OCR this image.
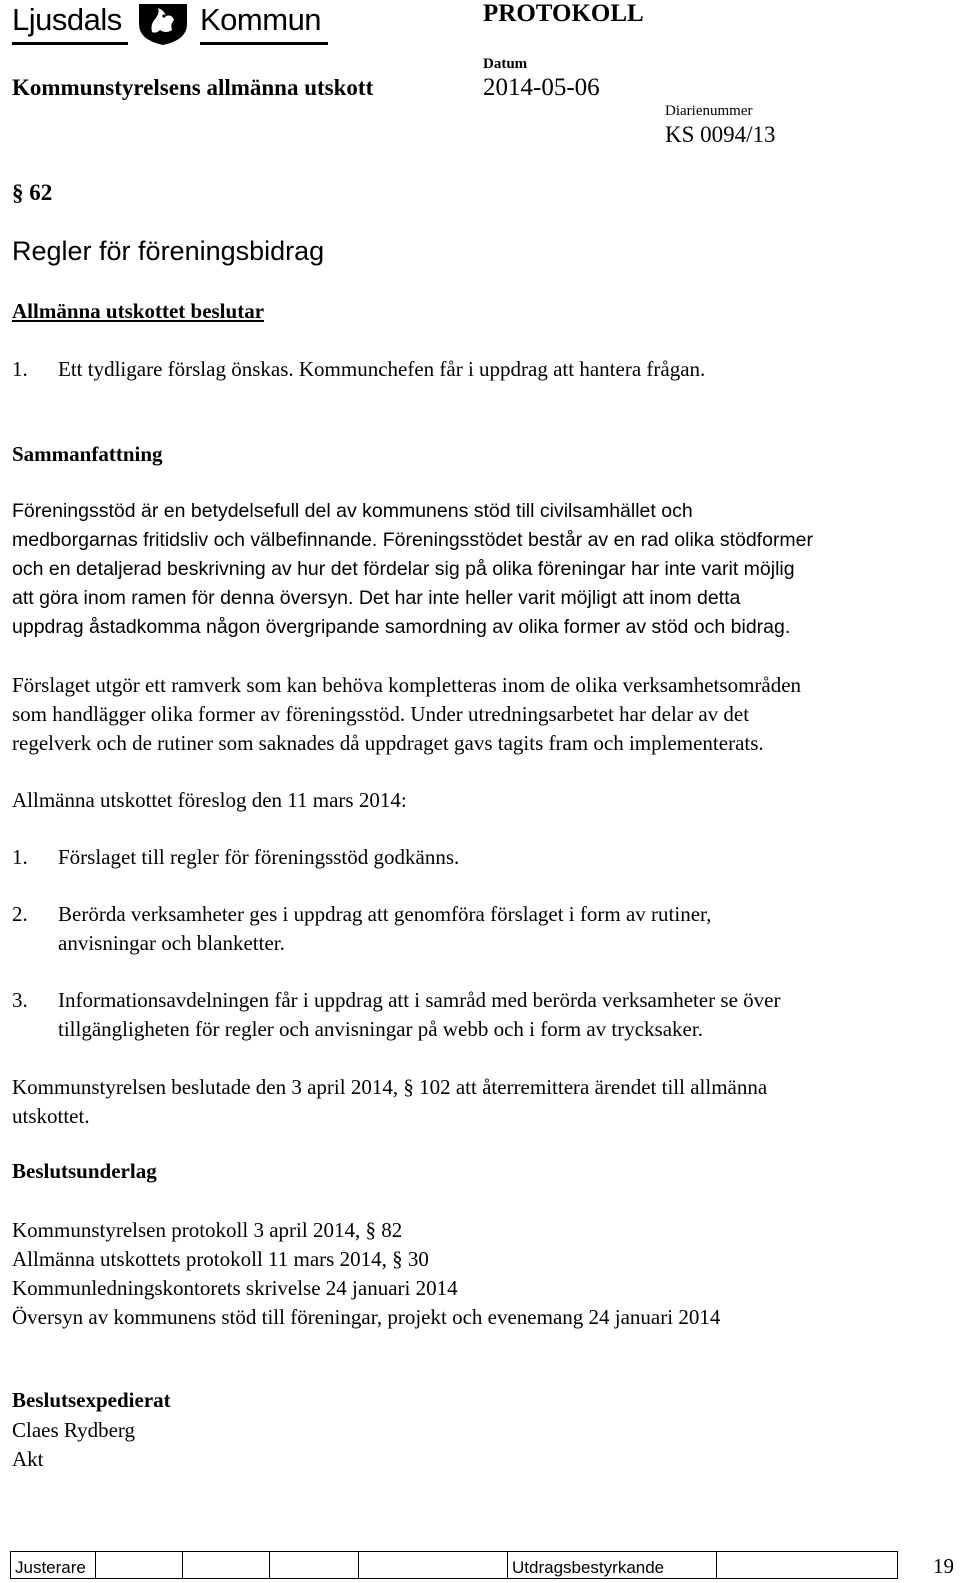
Ljusdals	Kommun	PROTOKOLL
Kommunstyrelsens allmänna utskott
Datum
2014-05-06
Diarienummer
KS 0094/13
§ 62
Regler för föreningsbidrag
Allmänna utskottet beslutar
1. Ett tydligare förslag önskas. Kommunchefen får i uppdrag att hantera frågan.
Sammanfattning
Föreningsstöd är en betydelsefull del av kommunens stöd till civilsamhället och
medborgarnas fritidsliv och välbefinnande. Föreningsstödet består av en rad olika stödformer
och en detaljerad beskrivning av hur det fördelar sig på olika föreningar har inte varit möjlig
att göra inom ramen för denna översyn. Det har inte heller varit möjligt att inom detta
uppdrag åstadkomma någon övergripande samordning av olika former av stöd och bidrag.
Förslaget utgör ett ramverk som kan behöva kompletteras inom de olika verksamhetsområden
som handlägger olika former av föreningsstöd. Under utredningsarbetet har delar av det
regelverk och de rutiner som saknades då uppdraget gavs tagits fram och implementerats.
Allmänna utskottet föreslog den 11 mars 2014:
1. Förslaget till regler för föreningsstöd godkänns.
2. Berörda verksamheter ges i uppdrag att genomföra förslaget i form av rutiner,
anvisningar och blanketter.
3. Informationsavdelningen får i uppdrag att i samråd med berörda verksamheter se över
tillgängligheten för regler och anvisningar på webb och i form av trycksaker.
Kommunstyrelsen beslutade den 3 april 2014, § 102 att återremittera ärendet till allmänna
utskottet.
Beslutsunderlag
Kommunstyrelsen protokoll 3 april 2014, § 82
Allmänna utskottets protokoll 11 mars 2014, § 30
Kommunledningskontorets skrivelse 24 januari 2014
Översyn av kommunens stöd till föreningar, projekt och evenemang 24 januari 2014
Beslutsexpedierat
Claes Rydberg
Akt
Justerare					Utdragsbestyrkande		19
